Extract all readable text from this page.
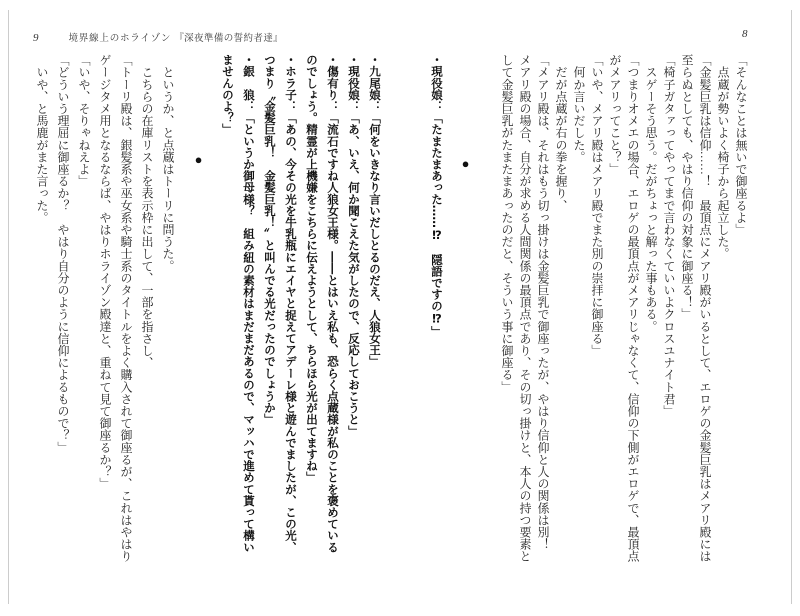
9	境界線上のホライゾン 『深夜準備の誓約者達』	8

「そんなことは無いで御座るよ」

　点蔵が勢いよく椅子から起立した。

「金髪巨乳は信仰……！　最頂点にメアリ殿がいるとして、エロゲの金髪巨乳はメアリ殿には

至らぬとしても、やはり信仰の対象に御座る！」

「椅子ガタァってやってまで言わなくていいよクロスユナイト君」

　スゲーそう思う。だがちょっと解った事もある。

「つまりオメエの場合、エロゲの最頂点がメアリじゃなくて、信仰の下側がエロゲで、最頂点

がメアリってこと？」

「いや、メアリ殿はメアリ殿でまた別の崇拝に御座る」

　何か言いだした。

　だが点蔵が右の拳を握り、

「メアリ殿は、それはもう切っ掛けは金髪巨乳で御座ったが、やはり信仰と人の関係は別！

メアリ殿の場合、自分が求める人間関係の最頂点であり、その切っ掛けと、本人の持つ要素と

して金髪巨乳がたまたまあったのだと、そういう事に御座る」

●

・現役娘：「たまたまあった……⁉　隠語ですの⁉」

・九尾娘：「何をいきなり言いだしとるのだえ、人狼女王」

・現役娘：「あ、いえ、何か聞こえた気がしたので、反応しておこうと」

・傷有り：「流石ですね人狼女王様。――とはいえ私も、恐らく点蔵様が私のことを褒めている

のでしょう。精霊が上機嫌をこちらに伝えようとして、ちらほら光が出てますね」

・ホラ子：「あの、今その光を牛乳瓶にエイヤと捉えてアデーレ様と遊んでましたが、この光、

つまり〝金髪巨乳！　金髪巨乳！〟と叫んでる光だったのでしょうか」

・銀　狼：「というか御母様？　組み紐の素材はまだまだあるので、マッハで進めて貰って構い

ませんのよ？」

●

　というか、と点蔵はトーリに問うた。

　こちらの在庫リストを表示枠に出して、一部を指さし、

「トーリ殿は、銀髪系や巫女系や騎士系のタイトルをよく購入されて御座るが、これはやはり

ゲージタメ用となるならば、やはりホライゾン殿達と、重ねて見て御座るか？」

「いや、そりゃねえよ」

「どういう理屈に御座るか？　やはり自分のように信仰によるもので？」

　いや、と馬鹿がまた言った。
